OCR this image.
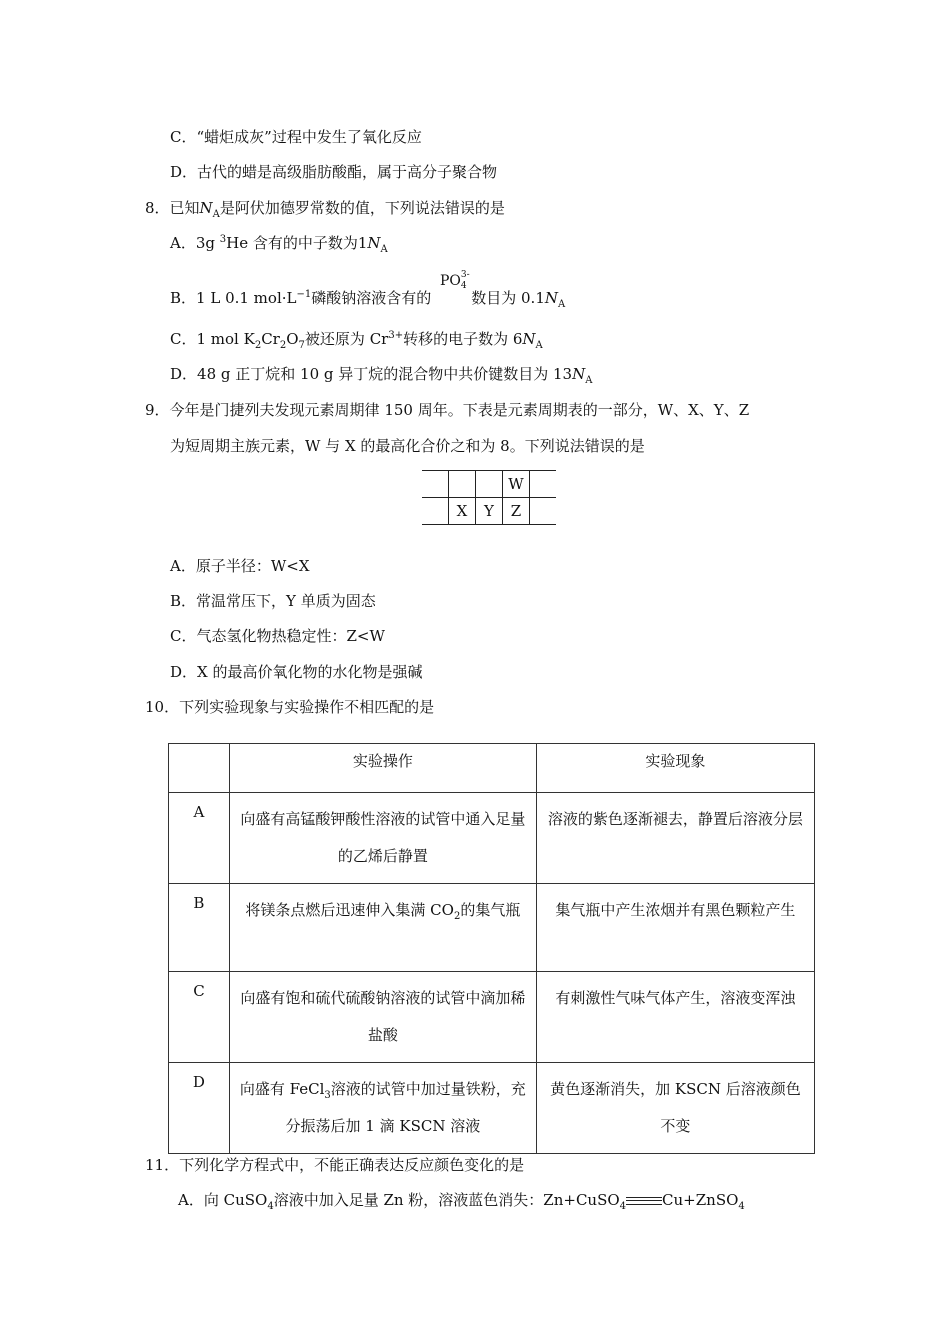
C．“蜡炬成灰”过程中发生了氧化反应
D．古代的蜡是高级脂肪酸酯，属于高分子聚合物
8．已知$N_A$是阿伏加德罗常数的值，下列说法错误的是
A．3g $^3$He 含有的中子数为$1N_A$
PO 3-
4
B．1 L 0.1 $mol\cdot L^{-1}$磷酸钠溶液含有的	数目为 $0.1N_A$
C．1 mol $K_2Cr_2O_7$被还原为 $Cr^{3+}$转移的电子数为 $6N_A$
D．48 g 正丁烷和 10 g 异丁烷的混合物中共价键数目为 $13N_A$
9．今年是门捷列夫发现元素周期律 150 周年。下表是元素周期表的一部分，W、X、Y、Z
为短周期主族元素，W 与 X 的最高化合价之和为 8。下列说法错误的是
			W	
	X	Y	Z	
A．原子半径：W<X
B．常温常压下，Y 单质为固态
C．气态氢化物热稳定性：Z<W
D．X 的最高价氧化物的水化物是强碱
10．下列实验现象与实验操作不相匹配的是
	实验操作	实验现象
A	向盛有高锰酸钾酸性溶液的试管中通入足量的乙烯后静置	溶液的紫色逐渐褪去，静置后溶液分层
B	将镁条点燃后迅速伸入集满 $CO_2$的集气瓶	集气瓶中产生浓烟并有黑色颗粒产生
C	向盛有饱和硫代硫酸钠溶液的试管中滴加稀盐酸	有刺激性气味气体产生，溶液变浑浊
D	向盛有 FeCl$_3$溶液的试管中加过量铁粉，充分振荡后加 1 滴 KSCN 溶液	黄色逐渐消失，加 KSCN 后溶液颜色不变
11．下列化学方程式中，不能正确表达反应颜色变化的是
A．向 CuSO$_4$溶液中加入足量 Zn 粉，溶液蓝色消失：Zn+CuSO$_4$ Cu+ZnSO$_4$
